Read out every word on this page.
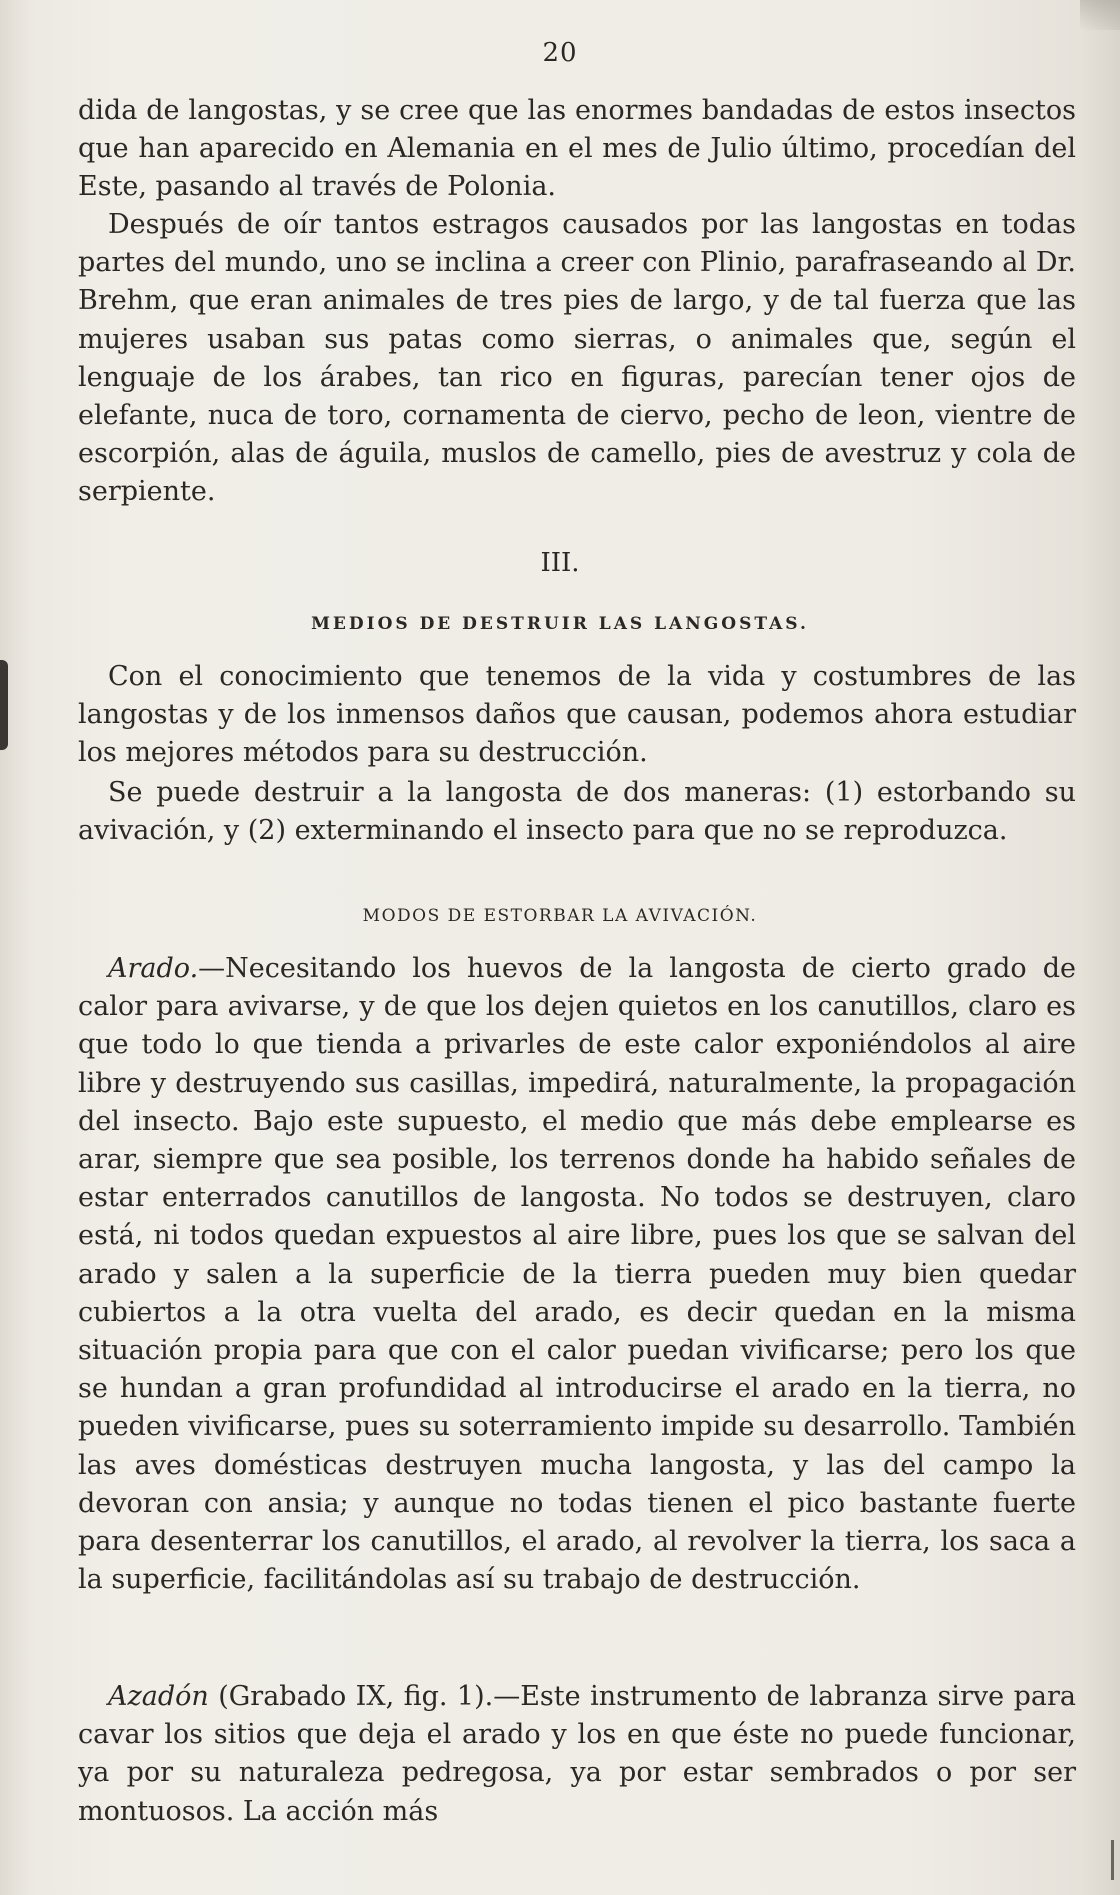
20

dida de langostas, y se cree que las enormes bandadas de estos insectos que han aparecido en Alemania en el mes de Julio último, procedían del Este, pasando al través de Polonia.

Después de oír tantos estragos causados por las langostas en todas partes del mundo, uno se inclina a creer con Plinio, parafraseando al Dr. Brehm, que eran animales de tres pies de largo, y de tal fuerza que las mujeres usaban sus patas como sierras, o animales que, según el lenguaje de los árabes, tan rico en figuras, parecían tener ojos de elefante, nuca de toro, cornamenta de ciervo, pecho de leon, vientre de escorpión, alas de águila, muslos de camello, pies de avestruz y cola de serpiente.

III.
MEDIOS DE DESTRUIR LAS LANGOSTAS.

Con el conocimiento que tenemos de la vida y costumbres de las langostas y de los inmensos daños que causan, podemos ahora estudiar los mejores métodos para su destrucción.

Se puede destruir a la langosta de dos maneras: (1) estorbando su avivación, y (2) exterminando el insecto para que no se reproduzca.

MODOS DE ESTORBAR LA AVIVACIÓN.

Arado.—Necesitando los huevos de la langosta de cierto grado de calor para avivarse, y de que los dejen quietos en los canutillos, claro es que todo lo que tienda a privarles de este calor exponiéndolos al aire libre y destruyendo sus casillas, impedirá, naturalmente, la propagación del insecto. Bajo este supuesto, el medio que más debe emplearse es arar, siempre que sea posible, los terrenos donde ha habido señales de estar enterrados canutillos de langosta. No todos se destruyen, claro está, ni todos quedan expuestos al aire libre, pues los que se salvan del arado y salen a la superficie de la tierra pueden muy bien quedar cubiertos a la otra vuelta del arado, es decir quedan en la misma situación propia para que con el calor puedan vivificarse; pero los que se hundan a gran profundidad al introducirse el arado en la tierra, no pueden vivificarse, pues su soterramiento impide su desarrollo. También las aves domésticas destruyen mucha langosta, y las del campo la devoran con ansia; y aunque no todas tienen el pico bastante fuerte para desenterrar los canutillos, el arado, al revolver la tierra, los saca a la superficie, facilitándolas así su trabajo de destrucción.

Azadón (Grabado IX, fig. 1).—Este instrumento de labranza sirve para cavar los sitios que deja el arado y los en que éste no puede funcionar, ya por su naturaleza pedregosa, ya por estar sembrados o por ser montuosos. La acción más
